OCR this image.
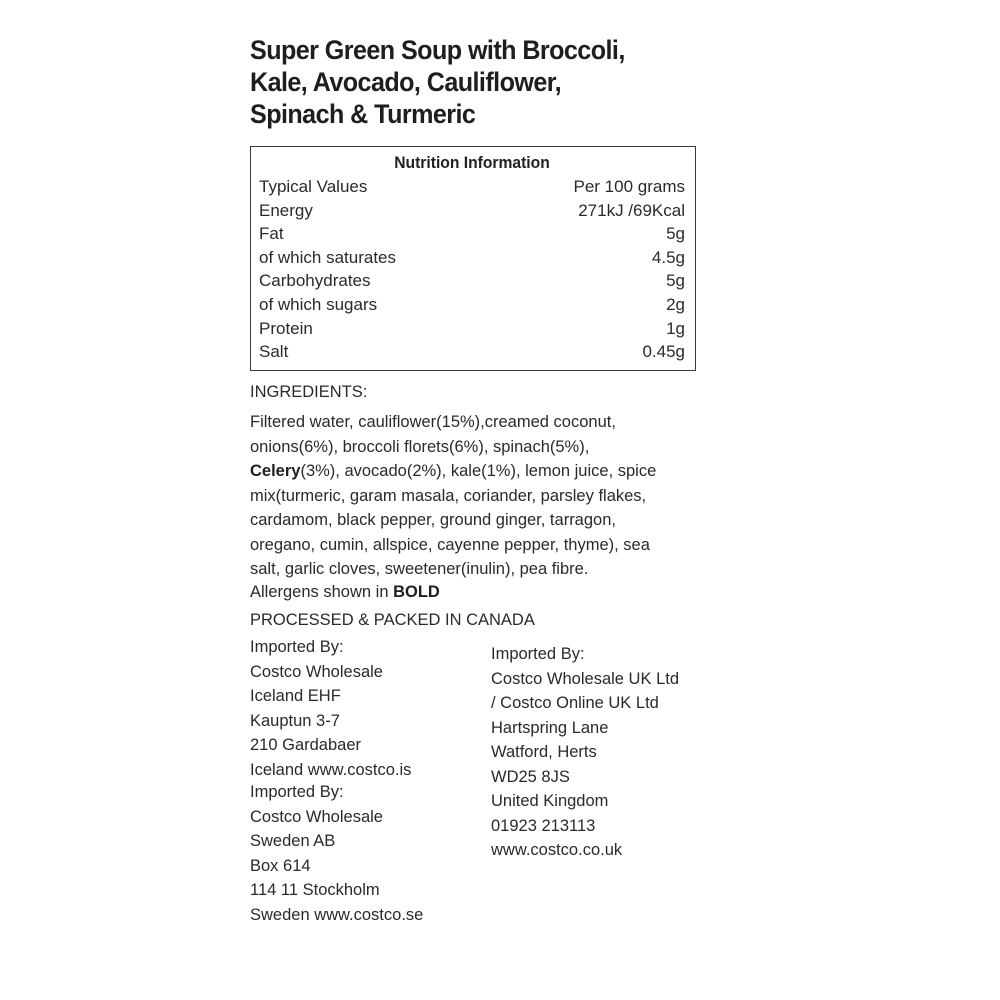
Super Green Soup with Broccoli,
Kale, Avocado, Cauliflower,
Spinach & Turmeric
Nutrition Information
Typical Values	Per 100 grams
Energy	271kJ /69Kcal
Fat	5g
of which saturates	4.5g
Carbohydrates	5g
of which sugars	2g
Protein	1g
Salt	0.45g
INGREDIENTS:
Filtered water, cauliflower(15%),creamed coconut,
onions(6%), broccoli florets(6%), spinach(5%),
Celery(3%), avocado(2%), kale(1%), lemon juice, spice
mix(turmeric, garam masala, coriander, parsley flakes,
cardamom, black pepper, ground ginger, tarragon,
oregano, cumin, allspice, cayenne pepper, thyme), sea
salt, garlic cloves, sweetener(inulin), pea fibre.
Allergens shown in BOLD
PROCESSED & PACKED IN CANADA
Imported By:
Costco Wholesale
Iceland EHF
Kauptun 3-7
210 Gardabaer
Iceland www.costco.is
Imported By:
Costco Wholesale UK Ltd
/ Costco Online UK Ltd
Hartspring Lane
Watford, Herts
WD25 8JS
United Kingdom
01923 213113
www.costco.co.uk
Imported By:
Costco Wholesale
Sweden AB
Box 614
114 11 Stockholm
Sweden www.costco.se
